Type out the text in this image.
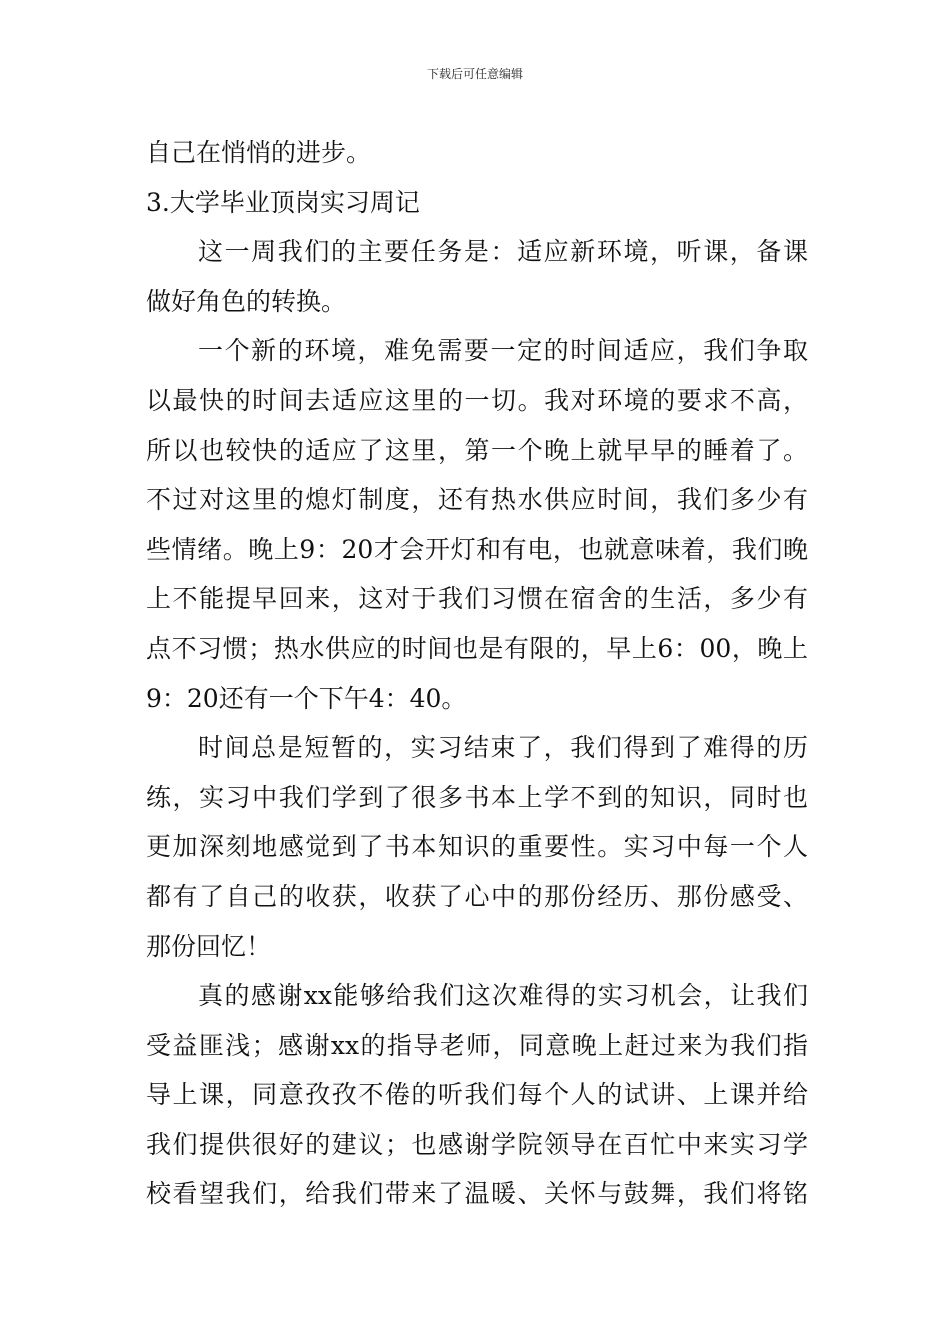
下载后可任意编辑
自己在悄悄的进步。
3.大学毕业顶岗实习周记
这一周我们的主要任务是：适应新环境，听课，备课
做好角色的转换。
一个新的环境，难免需要一定的时间适应，我们争取
以最快的时间去适应这里的一切。我对环境的要求不高，
所以也较快的适应了这里，第一个晚上就早早的睡着了。
不过对这里的熄灯制度，还有热水供应时间，我们多少有
些情绪。晚上9：20才会开灯和有电，也就意味着，我们晚
上不能提早回来，这对于我们习惯在宿舍的生活，多少有
点不习惯；热水供应的时间也是有限的，早上6：00，晚上
9：20还有一个下午4：40。
时间总是短暂的，实习结束了，我们得到了难得的历
练，实习中我们学到了很多书本上学不到的知识，同时也
更加深刻地感觉到了书本知识的重要性。实习中每一个人
都有了自己的收获，收获了心中的那份经历、那份感受、
那份回忆！
真的感谢xx能够给我们这次难得的实习机会，让我们
受益匪浅；感谢xx的指导老师，同意晚上赶过来为我们指
导上课，同意孜孜不倦的听我们每个人的试讲、上课并给
我们提供很好的建议；也感谢学院领导在百忙中来实习学
校看望我们，给我们带来了温暖、关怀与鼓舞，我们将铭
